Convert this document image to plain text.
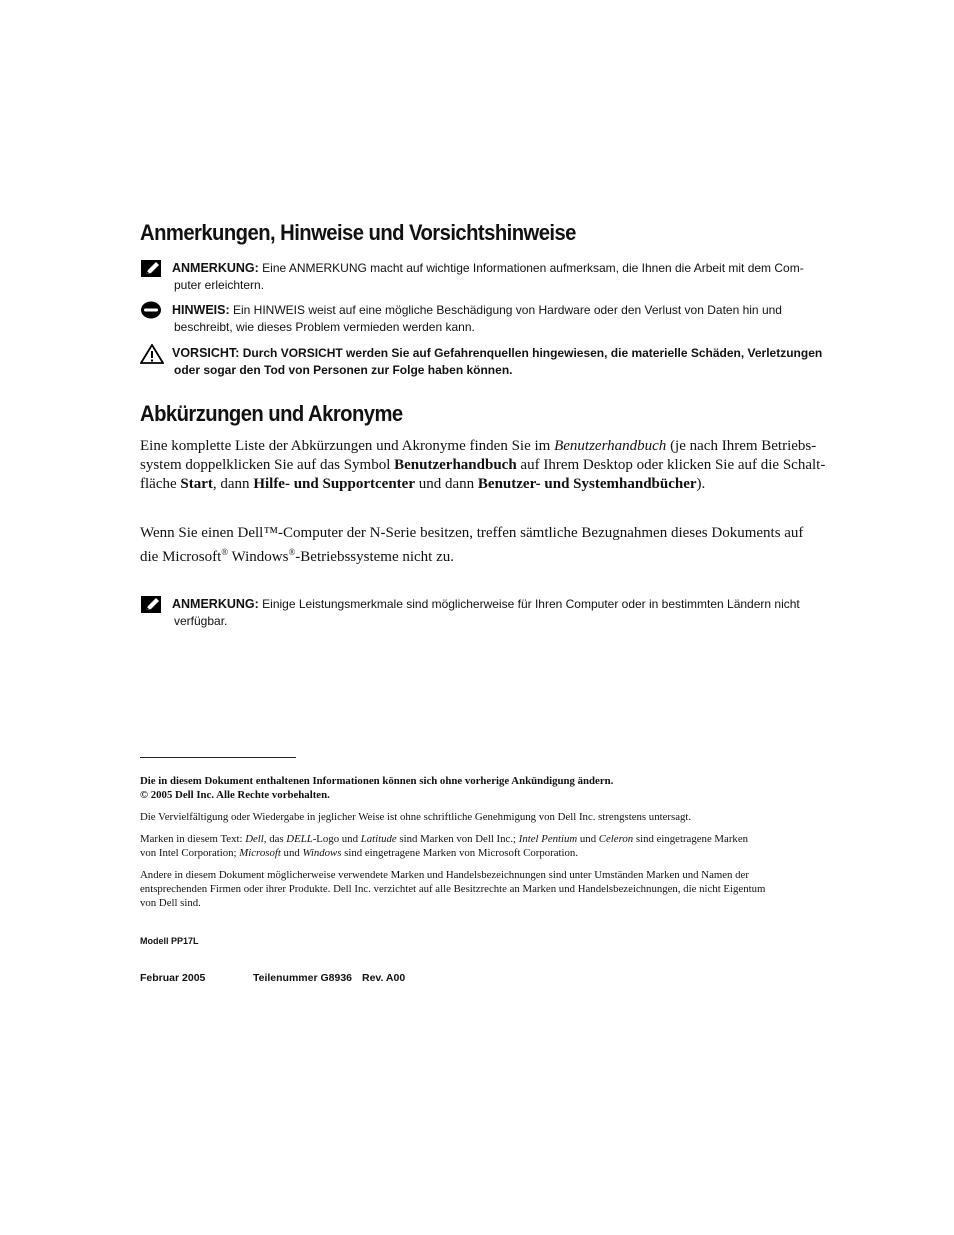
Anmerkungen, Hinweise und Vorsichtshinweise
ANMERKUNG: Eine ANMERKUNG macht auf wichtige Informationen aufmerksam, die Ihnen die Arbeit mit dem Com-
puter erleichtern.
HINWEIS: Ein HINWEIS weist auf eine mögliche Beschädigung von Hardware oder den Verlust von Daten hin und
beschreibt, wie dieses Problem vermieden werden kann.
VORSICHT: Durch VORSICHT werden Sie auf Gefahrenquellen hingewiesen, die materielle Schäden, Verletzungen
oder sogar den Tod von Personen zur Folge haben können.
Abkürzungen und Akronyme

Eine komplette Liste der Abkürzungen und Akronyme finden Sie im Benutzerhandbuch (je nach Ihrem Betriebs-
system doppelklicken Sie auf das Symbol Benutzerhandbuch auf Ihrem Desktop oder klicken Sie auf die Schalt-
fläche Start, dann Hilfe- und Supportcenter und dann Benutzer- und Systemhandbücher).

Wenn Sie einen Dell™-Computer der N-Serie besitzen, treffen sämtliche Bezugnahmen dieses Dokuments auf
die Microsoft® Windows®-Betriebssysteme nicht zu.

ANMERKUNG: Einige Leistungsmerkmale sind möglicherweise für Ihren Computer oder in bestimmten Ländern nicht
verfügbar.

Die in diesem Dokument enthaltenen Informationen können sich ohne vorherige Ankündigung ändern.
© 2005 Dell Inc. Alle Rechte vorbehalten.

Die Vervielfältigung oder Wiedergabe in jeglicher Weise ist ohne schriftliche Genehmigung von Dell Inc. strengstens untersagt.

Marken in diesem Text: Dell, das DELL-Logo und Latitude sind Marken von Dell Inc.; Intel Pentium und Celeron sind eingetragene Marken
von Intel Corporation; Microsoft und Windows sind eingetragene Marken von Microsoft Corporation.

Andere in diesem Dokument möglicherweise verwendete Marken und Handelsbezeichnungen sind unter Umständen Marken und Namen der
entsprechenden Firmen oder ihrer Produkte. Dell Inc. verzichtet auf alle Besitzrechte an Marken und Handelsbezeichnungen, die nicht Eigentum
von Dell sind.

Modell PP17L
Februar 2005	Teilenummer G8936 Rev. A00
